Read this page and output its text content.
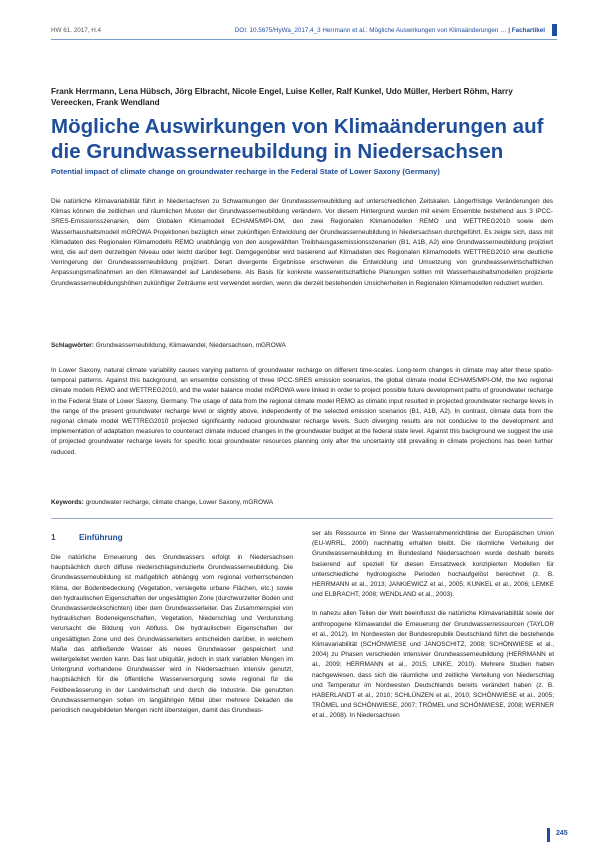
HW 61. 2017, H.4	DOI: 10.5675/HyWa_2017,4_3 Herrmann et al.: Mögliche Auswirkungen von Klimaänderungen … | Fachartikel
Frank Herrmann, Lena Hübsch, Jörg Elbracht, Nicole Engel, Luise Keller, Ralf Kunkel, Udo Müller, Herbert Röhm, Harry Vereecken, Frank Wendland
Mögliche Auswirkungen von Klimaänderungen auf die Grundwasserneubildung in Niedersachsen
Potential impact of climate change on groundwater recharge in the Federal State of Lower Saxony (Germany)

Die natürliche Klimavariabilität führt in Niedersachsen zu Schwankungen der Grundwasserneubildung auf unterschiedlichen Zeitskalen. Längerfristige Veränderungen des Klimas können die zeitlichen und räumlichen Muster der Grundwasserneubildung verändern. Vor diesem Hintergrund wurden mit einem Ensemble bestehend aus 3 IPCC-SRES-Emissionsszenarien, dem Globalen Klimamodell ECHAM5/MPI-OM, den zwei Regionalen Klimamodellen REMO und WETTREG2010 sowie dem Wasserhaushaltsmodell mGROWA Projektionen bezüglich einer zukünftigen Entwicklung der Grundwasserneubildung in Niedersachsen durchgeführt. Es zeigte sich, dass mit Klimadaten des Regionalen Klimamodells REMO unabhängig von den ausgewählten Treibhausgasemissionsszenarien (B1, A1B, A2) eine Grundwasserneubildung projiziert wird, die auf dem derzeitigen Niveau oder leicht darüber liegt. Demgegenüber wird basierend auf Klimadaten des Regionalen Klimamodells WETTREG2010 eine deutliche Verringerung der Grundwasserneubildung projiziert. Derart divergente Ergebnisse erschweren die Entwicklung und Umsetzung von grundwasserwirtschaftlichen Anpassungsmaßnahmen an den Klimawandel auf Landesebene. Als Basis für konkrete wasserwirtschaftliche Planungen sollten mit Wasserhaushaltsmodellen projizierte Grundwasserneubildungshöhen zukünftiger Zeiträume erst verwendet werden, wenn die derzeit bestehenden Unsicherheiten in Regionalen Klimamodellen reduziert wurden.

Schlagwörter: Grundwasserneubildung, Klimawandel, Niedersachsen, mGROWA

In Lower Saxony, natural climate variability causes varying patterns of groundwater recharge on different time-scales. Long-term changes in climate may alter these spatio-temporal patterns. Against this background, an ensemble consisting of three IPCC-SRES emission scenarios, the global climate model ECHAM5/MPI-OM, the two regional climate models REMO and WETTREG2010, and the water balance model mGROWA were linked in order to project possible future development paths of groundwater recharge in the Federal State of Lower Saxony, Germany. The usage of data from the regional climate model REMO as climatic input resulted in projected groundwater recharge levels in the range of the present groundwater recharge level or slightly above, independently of the selected emission scenarios (B1, A1B, A2). In contrast, climate data from the regional climate model WETTREG2010 projected significantly reduced groundwater recharge levels. Such diverging results are not conducive to the development and implementation of adaptation measures to counteract climate induced changes in the groundwater budget at the federal state level. Against this background we suggest the use of projected groundwater recharge levels for specific local groundwater resources planning only after the uncertainty still prevailing in climate projections has been further reduced.

Keywords: groundwater recharge, climate change, Lower Saxony, mGROWA

1	Einführung

Die natürliche Erneuerung des Grundwassers erfolgt in Niedersachsen hauptsächlich durch diffuse niederschlagsinduzierte Grundwasserneubildung. Die Grundwasserneubildung ist maßgeblich abhängig vom regional vorherrschenden Klima, der Bodenbedeckung (Vegetation, versiegelte urbane Flächen, etc.) sowie den hydraulischen Eigenschaften der ungesättigten Zone (durchwurzelter Boden und Grundwasserdeckschichten) über dem Grundwasserleiter. Das Zusammenspiel von hydraulischen Bodeneigenschaften, Vegetation, Niederschlag und Verdunstung verursacht die Bildung von Abfluss. Die hydraulischen Eigenschaften der ungesättigten Zone und des Grundwasserleiters entscheiden darüber, in welchem Maße das abfließende Wasser als neues Grundwasser gespeichert und weitergeleitet werden kann. Das fast ubiquitär, jedoch in stark variablen Mengen im Untergrund vorhandene Grundwasser wird in Niedersachsen intensiv genutzt, hauptsächlich für die öffentliche Wasserversorgung sowie regional für die Feldbewässerung in der Landwirtschaft und durch die Industrie. Die genutzten Grundwassermengen sollen im langjährigen Mittel über mehrere Dekaden die periodisch neugebildeten Mengen nicht übersteigen, damit das Grundwas-

ser als Ressource im Sinne der Wasserrahmenrichtlinie der Europäischen Union (EU-WRRL, 2000) nachhaltig erhalten bleibt. Die räumliche Verteilung der Grundwasserneubildung im Bundesland Niedersachsen wurde deshalb bereits basierend auf speziell für diesen Einsatzweck konzipierten Modellen für unterschiedliche hydrologische Perioden hochaufgelöst berechnet (z. B. HERRMANN et al., 2013; JANKIEWICZ et al., 2005; KUNKEL et al., 2006; LEMKE und ELBRACHT, 2008; WENDLAND et al., 2003).

In nahezu allen Teilen der Welt beeinflusst die natürliche Klimavariabilität sowie der anthropogene Klimawandel die Erneuerung der Grundwasserressourcen (TAYLOR et al., 2012). Im Nordwesten der Bundesrepublik Deutschland führt die bestehende Klimavariabilität (SCHÖNWIESE und JANOSCHITZ, 2008; SCHÖNWIESE et al., 2004) zu Phasen verschieden intensiver Grundwasserneubildung (HERRMANN et al., 2009; HERRMANN et al., 2015; LINKE, 2010). Mehrere Studien haben nachgewiesen, dass sich die räumliche und zeitliche Verteilung von Niederschlag und Temperatur im Nordwesten Deutschlands bereits verändert haben (z. B. HABERLANDT et al., 2010; SCHLÜNZEN et al., 2010; SCHÖNWIESE et al., 2005; TRÖMEL und SCHÖNWIESE, 2007; TRÖMEL und SCHÖNWIESE, 2008; WERNER et al., 2008). In Niedersachsen

245
